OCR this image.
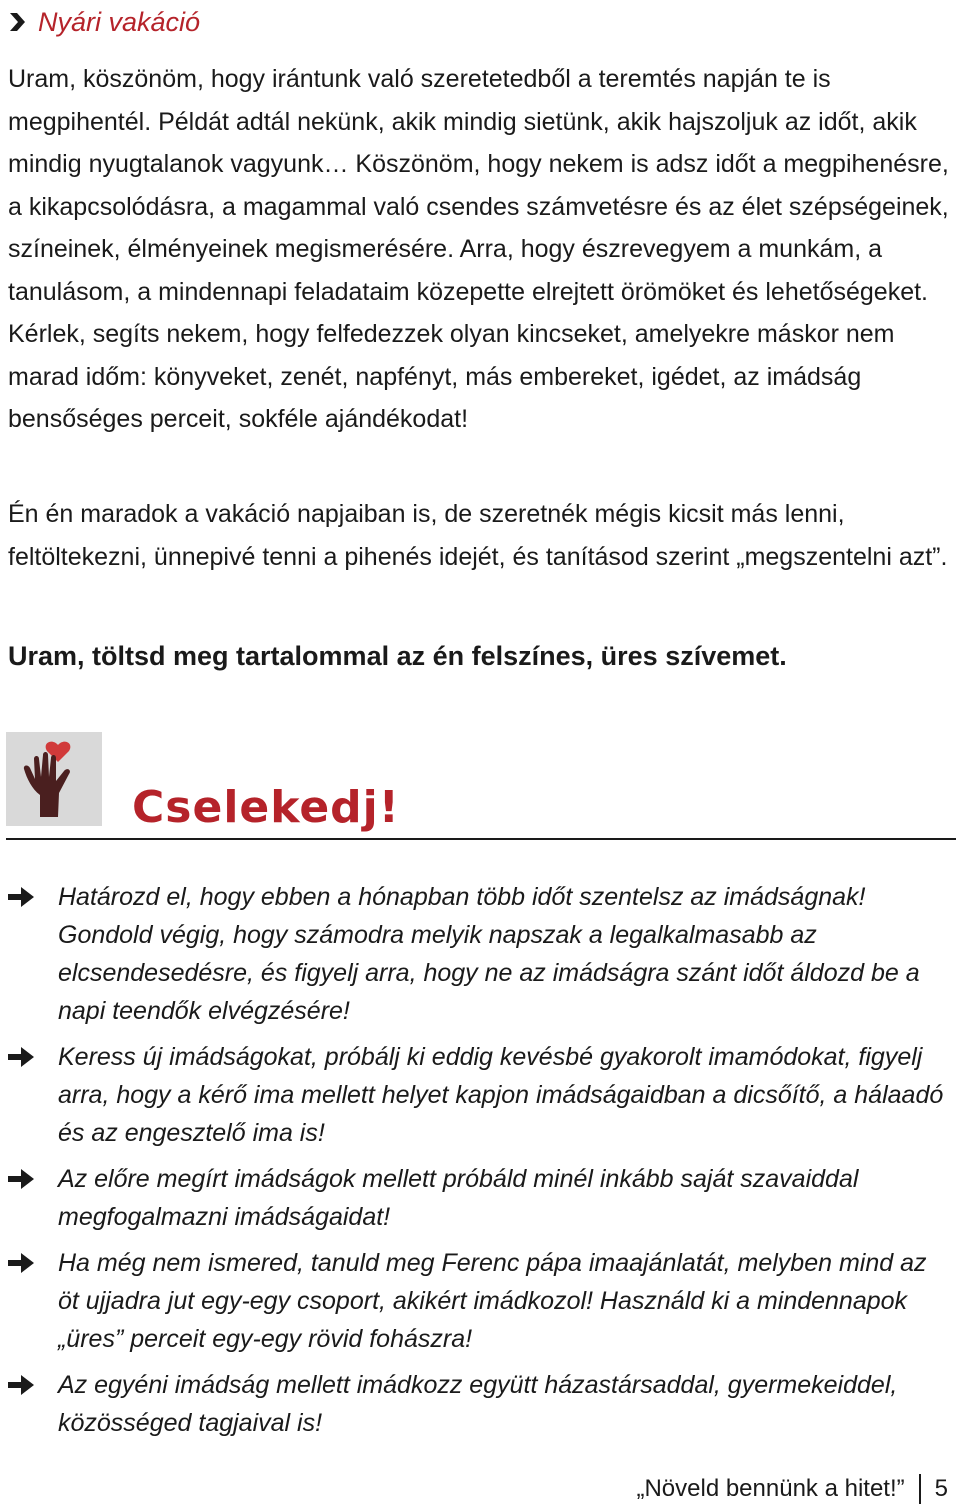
Nyári vakáció
Uram, köszönöm, hogy irántunk való szeretetedből a teremtés napján te is megpihentél. Példát adtál nekünk, akik mindig sietünk, akik hajszoljuk az időt, akik mindig nyugtalanok vagyunk… Köszönöm, hogy nekem is adsz időt a megpihenésre, a kikapcsolódásra, a magammal való csendes számvetésre és az élet szépségeinek, színeinek, élményeinek megismerésére. Arra, hogy észrevegyem a munkám, a tanulásom, a mindennapi feladataim közepette elrejtett örömöket és lehetőségeket. Kérlek, segíts nekem, hogy felfedezzek olyan kincseket, amelyekre máskor nem marad időm: könyveket, zenét, napfényt, más embereket, igédet, az imádság bensőséges perceit, sokféle ajándékodat!
Én én maradok a vakáció napjaiban is, de szeretnék mégis kicsit más lenni, feltöltekezni, ünnepivé tenni a pihenés idejét, és tanításod szerint „megszentelni azt”.
Uram, töltsd meg tartalommal az én felszínes, üres szívemet.
Cselekedj!
Határozd el, hogy ebben a hónapban több időt szentelsz az imádságnak! Gondold végig, hogy számodra melyik napszak a legalkalmasabb az elcsendesedésre, és figyelj arra, hogy ne az imádságra szánt időt áldozd be a napi teendők elvégzésére!
Keress új imádságokat, próbálj ki eddig kevésbé gyakorolt imamódokat, figyelj arra, hogy a kérő ima mellett helyet kapjon imádságaidban a dicsőítő, a hálaadó és az engesztelő ima is!
Az előre megírt imádságok mellett próbáld minél inkább saját szavaiddal megfogalmazni imádságaidat!
Ha még nem ismered, tanuld meg Ferenc pápa imaajánlatát, melyben mind az öt ujjadra jut egy-egy csoport, akikért imádkozol! Használd ki a mindennapok „üres” perceit egy-egy rövid fohászra!
Az egyéni imádság mellett imádkozz együtt házastársaddal, gyermekeiddel, közösséged tagjaival is!
„Növeld bennünk a hitet!” 5
